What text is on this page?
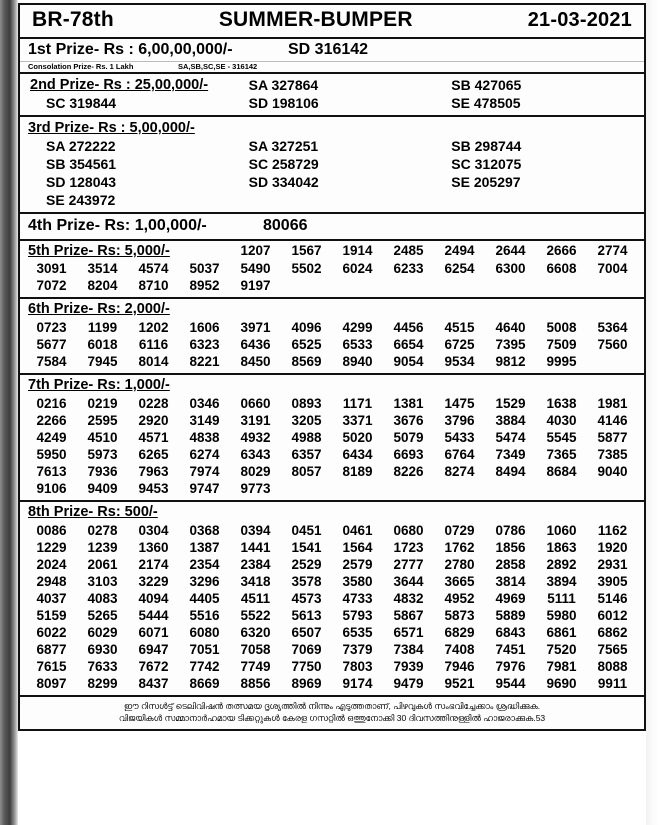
BR-78th	SUMMER-BUMPER	21-03-2021
1st Prize- Rs : 6,00,00,000/-	SD 316142
Consolation Prize- Rs. 1 Lakh	SA,SB,SC,SE - 316142
2nd Prize- Rs : 25,00,000/-	SA 327864	SB 427065
SC 319844	SD 198106	SE 478505
3rd Prize- Rs : 5,00,000/-
SA 272222	SA 327251	SB 298744
SB 354561	SC 258729	SC 312075
SD 128043	SD 334042	SE 205297
SE 243972
4th Prize- Rs: 1,00,000/-	80066
5th Prize- Rs: 5,000/-	1207	1567	1914	2485	2494	2644	2666	2774
3091	3514	4574	5037	5490	5502	6024	6233	6254	6300	6608	7004
7072	8204	8710	8952	9197
6th Prize- Rs: 2,000/-
0723	1199	1202	1606	3971	4096	4299	4456	4515	4640	5008	5364
5677	6018	6116	6323	6436	6525	6533	6654	6725	7395	7509	7560
7584	7945	8014	8221	8450	8569	8940	9054	9534	9812	9995
7th Prize- Rs: 1,000/-
0216	0219	0228	0346	0660	0893	1171	1381	1475	1529	1638	1981
2266	2595	2920	3149	3191	3205	3371	3676	3796	3884	4030	4146
4249	4510	4571	4838	4932	4988	5020	5079	5433	5474	5545	5877
5950	5973	6265	6274	6343	6357	6434	6693	6764	7349	7365	7385
7613	7936	7963	7974	8029	8057	8189	8226	8274	8494	8684	9040
9106	9409	9453	9747	9773
8th Prize- Rs: 500/-
0086	0278	0304	0368	0394	0451	0461	0680	0729	0786	1060	1162
1229	1239	1360	1387	1441	1541	1564	1723	1762	1856	1863	1920
2024	2061	2174	2354	2384	2529	2579	2777	2780	2858	2892	2931
2948	3103	3229	3296	3418	3578	3580	3644	3665	3814	3894	3905
4037	4083	4094	4405	4511	4573	4733	4832	4952	4969	5111	5146
5159	5265	5444	5516	5522	5613	5793	5867	5873	5889	5980	6012
6022	6029	6071	6080	6320	6507	6535	6571	6829	6843	6861	6862
6877	6930	6947	7051	7058	7069	7379	7384	7408	7451	7520	7565
7615	7633	7672	7742	7749	7750	7803	7939	7946	7976	7981	8088
8097	8299	8437	8669	8856	8969	9174	9479	9521	9544	9690	9911
ഈ റിസൾട്ട് ടെലിവിഷൻ തത്സമയ ദൃശ്യത്തിൽ നിന്നും എടുത്തതാണ്, പിഴവുകൾ സംഭവിച്ചേക്കാം ശ്രദ്ധിക്കുക.
വിജയികൾ സമ്മാനാർഹമായ ടിക്കറ്റുകൾ കേരള ഗസറ്റിൽ ഒത്തുനോക്കി 30 ദിവസത്തിനുള്ളിൽ ഹാജരാക്കുക.53
